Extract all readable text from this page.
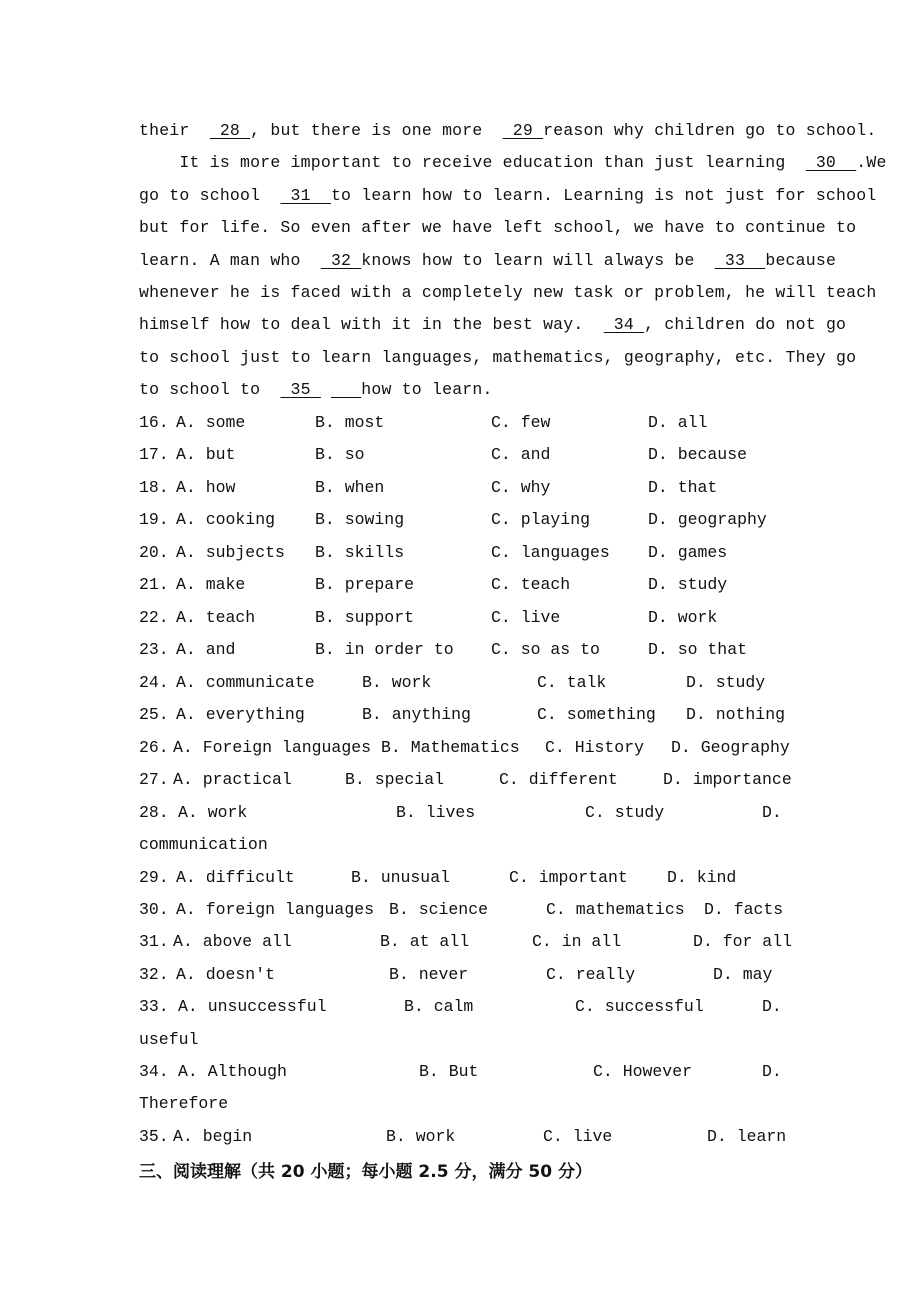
their   28 , but there is one more   29 reason why children go to school.
It is more important to receive education than just learning   30  .We
go to school   31  to learn how to learn. Learning is not just for school
but for life. So even after we have left school, we have to continue to
learn. A man who   32 knows how to learn will always be   33  because
whenever he is faced with a completely new task or problem, he will teach
himself how to deal with it in the best way.   34 , children do not go
to school just to learn languages, mathematics, geography, etc. They go
to school to   35     how to learn.
16. A. some	B. most	C. few	D. all
17. A. but	B. so	C. and	D. because
18. A. how	B. when	C. why	D. that
19. A. cooking B. sowing	C. playing	D. geography
20. A. subjects B. skills	C. languages D. games
21. A. make	B. prepare	C. teach	D. study
22. A. teach	B. support	C. live	D. work
23. A. and	B. in order to C. so as to	D. so that
24. A. communicate	B. work	C. talk	D. study
25. A. everything	B. anything	C. something D. nothing
26. A. Foreign languages B. Mathematics C. History D. Geography
27. A. practical	B. special	C. different	D. importance
28. A. work	B. lives	C. study	D.
communication
29. A. difficult	B. unusual	C. important D. kind
30. A. foreign languages B. science	C. mathematics D. facts
31. A. above all	B. at all	C. in all	D. for all
32. A. doesn't	B. never	C. really	D. may
33. A. unsuccessful	B. calm	C. successful	D.
useful
34. A. Although	B. But	C. However	D.
Therefore
35. A. begin	B. work	C. live	D. learn
三、阅读理解（共 20 小题；每小题 2.5 分，满分 50 分）
